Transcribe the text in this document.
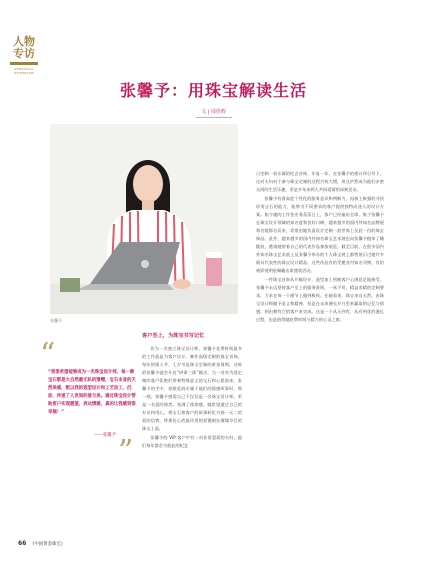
人物
专访
PERSONAL INTERVIEW
张馨予：用珠宝解读生活
文 | 周佳晖
张馨予
“
“我很希望能够成为一名珠宝设计师，每一款宝石都是大自然最无私的馈赠，宝石本身的天然美感，配以我的造型设计和工艺加工，沉淀、传递了人世间的爱与美。通过珠宝设计帮助客户实现愿望，表达情感，真的让我感到很幸福！”
——张馨予 ”
客户至上，为珠宝书写记忆

作为一名独立珠宝设计师，张馨予花费时间最多的工作就是为客户设计，制作高级定制的珠宝首饰。每年的情人节、七夕节是珠宝定制的黄金周期，这时的张馨予就会开启“拼命三郎”模式，当一对对为爱定制的客户拒绝们带着特殊意义的宝石和心愿前来，张馨予的手中，界限延展专属于他们的情感故事时，那一刻，张馨予感觉自己不仅仅是一名珠宝设计师，更是一名爱的使者。充满了使命感，她希望通过自己的专业和用心，将宝石和客户的故事转化为独一无二的爱的信物，将那份心底最珍贵的爱镌刻在璀璨夺目的珠宝上面。

张馨予的 VIP 客户中有一对非常恩爱的夫妇，他们每年都会为彼此的纪念

日定制一款专属的纪念首饰，年复一年，在张馨予的建议和引导下，这对夫妇对于参与珠宝定制的过程兴致大增，用这庐然成为他们亲密无间的生活乐趣，更是多年来两人共同爱情的深刻见证。

张馨予有着高度个性化的服务意识和判断力，再加上极强的寻找珍贵宝石的能力，能够为不同要求的客户提供独特而迷人的设计方案。如今她的工作室业务蒸蒸日上，客户已经遍布全球。集于张馨予在珠宝设计领域的知名度和良好口碑，越来越多的国内外知名品牌展和名媛都名而来，希望由她负责设计定制一款世界上仅此一份的珠宝饰品。此外，越来越多的国内外知名珠宝艺术展也向张馨予抛来了橄榄枝，邀请她带着自己的代表作品参加展览。截至目前，在很多国内外知名珠宝艺术展上及张馨予举办的个人珠宝展上都曾展示过她许多极具代表性的珠宝设计精品。这些作品有的受邀业内知名刊物，有的被影视明星佩戴出席盛装活动。

一件珠宝首饰从开稿设计，造型加工到被客户心满意足地接受，张馨予永远坚持客户至上的服务准则，一丝不苟，精益求精的定制要求，力求在每一个细节上做到极致。在她看来，珠宝来自天然，由珠宝设计师赋予意义和精神，但是在未来漫长岁月里来赢取的记忆与情感，则由拥有它的客户来完成。这是一个从无到有，从有到优的漫长过程，也是值得她花费时间与精力的心灵之旅。

66 《中国黄金珠宝》
